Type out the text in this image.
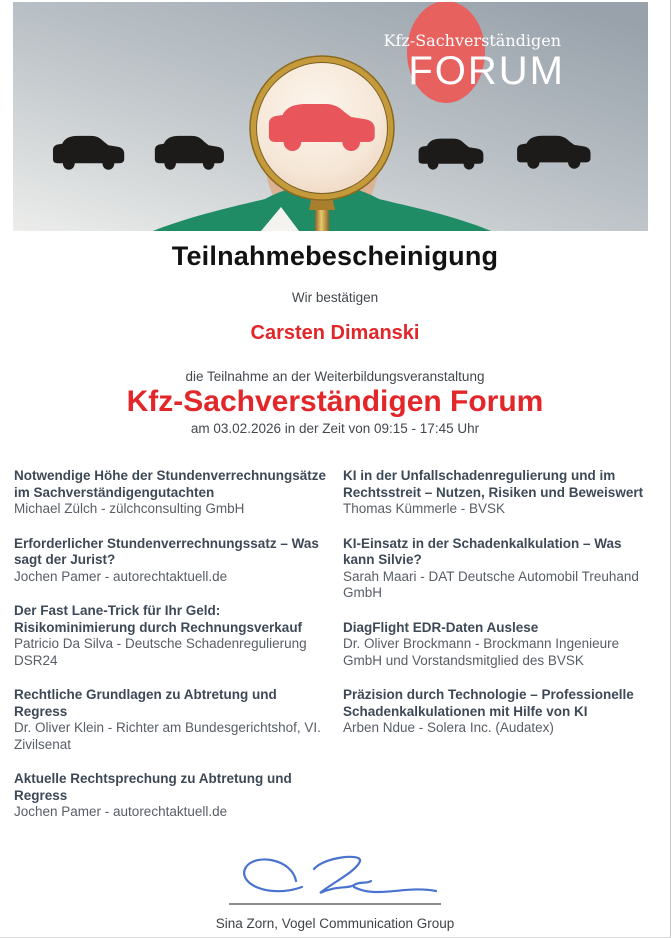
Kfz-Sachverständigen
FORUM
Teilnahmebescheinigung
Wir bestätigen
Carsten Dimanski
die Teilnahme an der Weiterbildungsveranstaltung
Kfz-Sachverständigen Forum
am 03.02.2026 in der Zeit von 09:15 - 17:45 Uhr
Notwendige Höhe der Stundenverrechnungsätze im Sachverständigengutachten
Michael Zülch - zülchconsulting GmbH
Erforderlicher Stundenverrechnungssatz – Was sagt der Jurist?
Jochen Pamer - autorechtaktuell.de
Der Fast Lane-Trick für Ihr Geld: Risikominimierung durch Rechnungsverkauf
Patricio Da Silva - Deutsche Schadenregulierung DSR24
Rechtliche Grundlagen zu Abtretung und Regress
Dr. Oliver Klein - Richter am Bundesgerichtshof, VI. Zivilsenat
Aktuelle Rechtsprechung zu Abtretung und Regress
Jochen Pamer - autorechtaktuell.de
KI in der Unfallschadenregulierung und im Rechtsstreit – Nutzen, Risiken und Beweiswert
Thomas Kümmerle - BVSK
KI-Einsatz in der Schadenkalkulation – Was kann Silvie?
Sarah Maari - DAT Deutsche Automobil Treuhand GmbH
DiagFlight EDR-Daten Auslese
Dr. Oliver Brockmann - Brockmann Ingenieure GmbH und Vorstandsmitglied des BVSK
Präzision durch Technologie – Professionelle Schadenkalkulationen mit Hilfe von KI
Arben Ndue - Solera Inc. (Audatex)
Sina Zorn, Vogel Communication Group
